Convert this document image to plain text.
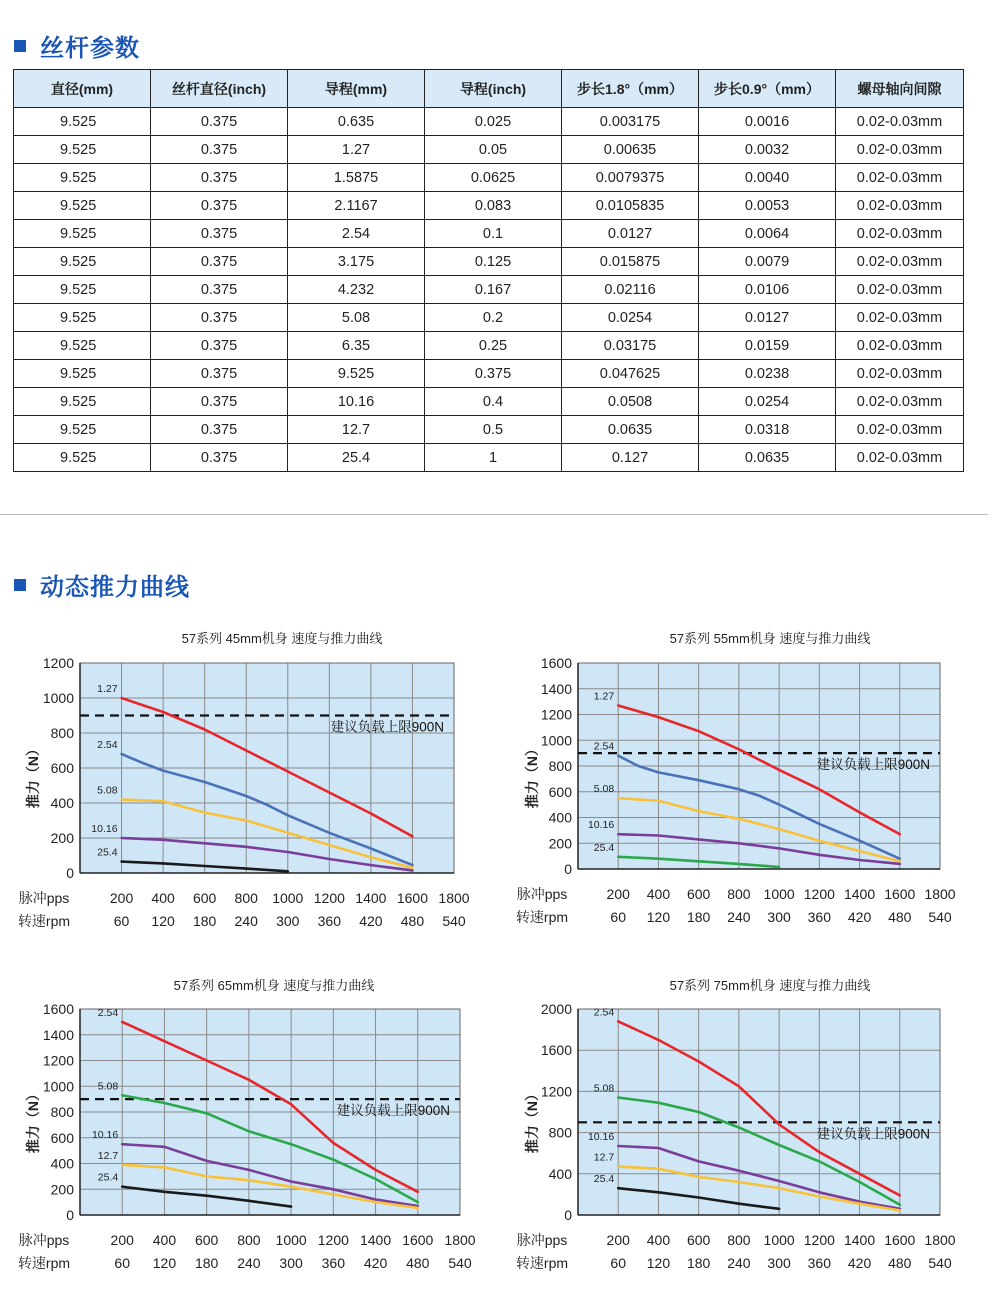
丝杆参数
直径(mm)	丝杆直径(inch)	导程(mm)	导程(inch)	步长1.8°（mm）	步长0.9°（mm）	螺母轴向间隙
9.525	0.375	0.635	0.025	0.003175	0.0016	0.02-0.03mm
9.525	0.375	1.27	0.05	0.00635	0.0032	0.02-0.03mm
9.525	0.375	1.5875	0.0625	0.0079375	0.0040	0.02-0.03mm
9.525	0.375	2.1167	0.083	0.0105835	0.0053	0.02-0.03mm
9.525	0.375	2.54	0.1	0.0127	0.0064	0.02-0.03mm
9.525	0.375	3.175	0.125	0.015875	0.0079	0.02-0.03mm
9.525	0.375	4.232	0.167	0.02116	0.0106	0.02-0.03mm
9.525	0.375	5.08	0.2	0.0254	0.0127	0.02-0.03mm
9.525	0.375	6.35	0.25	0.03175	0.0159	0.02-0.03mm
9.525	0.375	9.525	0.375	0.047625	0.0238	0.02-0.03mm
9.525	0.375	10.16	0.4	0.0508	0.0254	0.02-0.03mm
9.525	0.375	12.7	0.5	0.0635	0.0318	0.02-0.03mm
9.525	0.375	25.4	1	0.127	0.0635	0.02-0.03mm
动态推力曲线
57系列 45mm机身 速度与推力曲线
0
200
400
600
800
1000
1200
推力（N）
脉冲pps
转速rpm
200 400 600 800 1000 1200 1400 1600 1800
60 120 180 240 300 360 420 480 540
建议负载上限900N
1.27
2.54
5.08
10.16
25.4
57系列 55mm机身 速度与推力曲线
0
200
400
600
800
1000
1200
1400
1600
推力（N）
脉冲pps
转速rpm
200 400 600 800 1000 1200 1400 1600 1800
60 120 180 240 300 360 420 480 540
建议负载上限900N
1.27
2.54
5.08
10.16
25.4
57系列 65mm机身 速度与推力曲线
0
200
400
600
800
1000
1200
1400
1600
推力（N）
脉冲pps
转速rpm
200 400 600 800 1000 1200 1400 1600 1800
60 120 180 240 300 360 420 480 540
建议负载上限900N
2.54
5.08
10.16
12.7
25.4
57系列 75mm机身 速度与推力曲线
0
400
800
1200
1600
2000
推力（N）
脉冲pps
转速rpm
200 400 600 800 1000 1200 1400 1600 1800
60 120 180 240 300 360 420 480 540
建议负载上限900N
2.54
5.08
10.16
12.7
25.4
